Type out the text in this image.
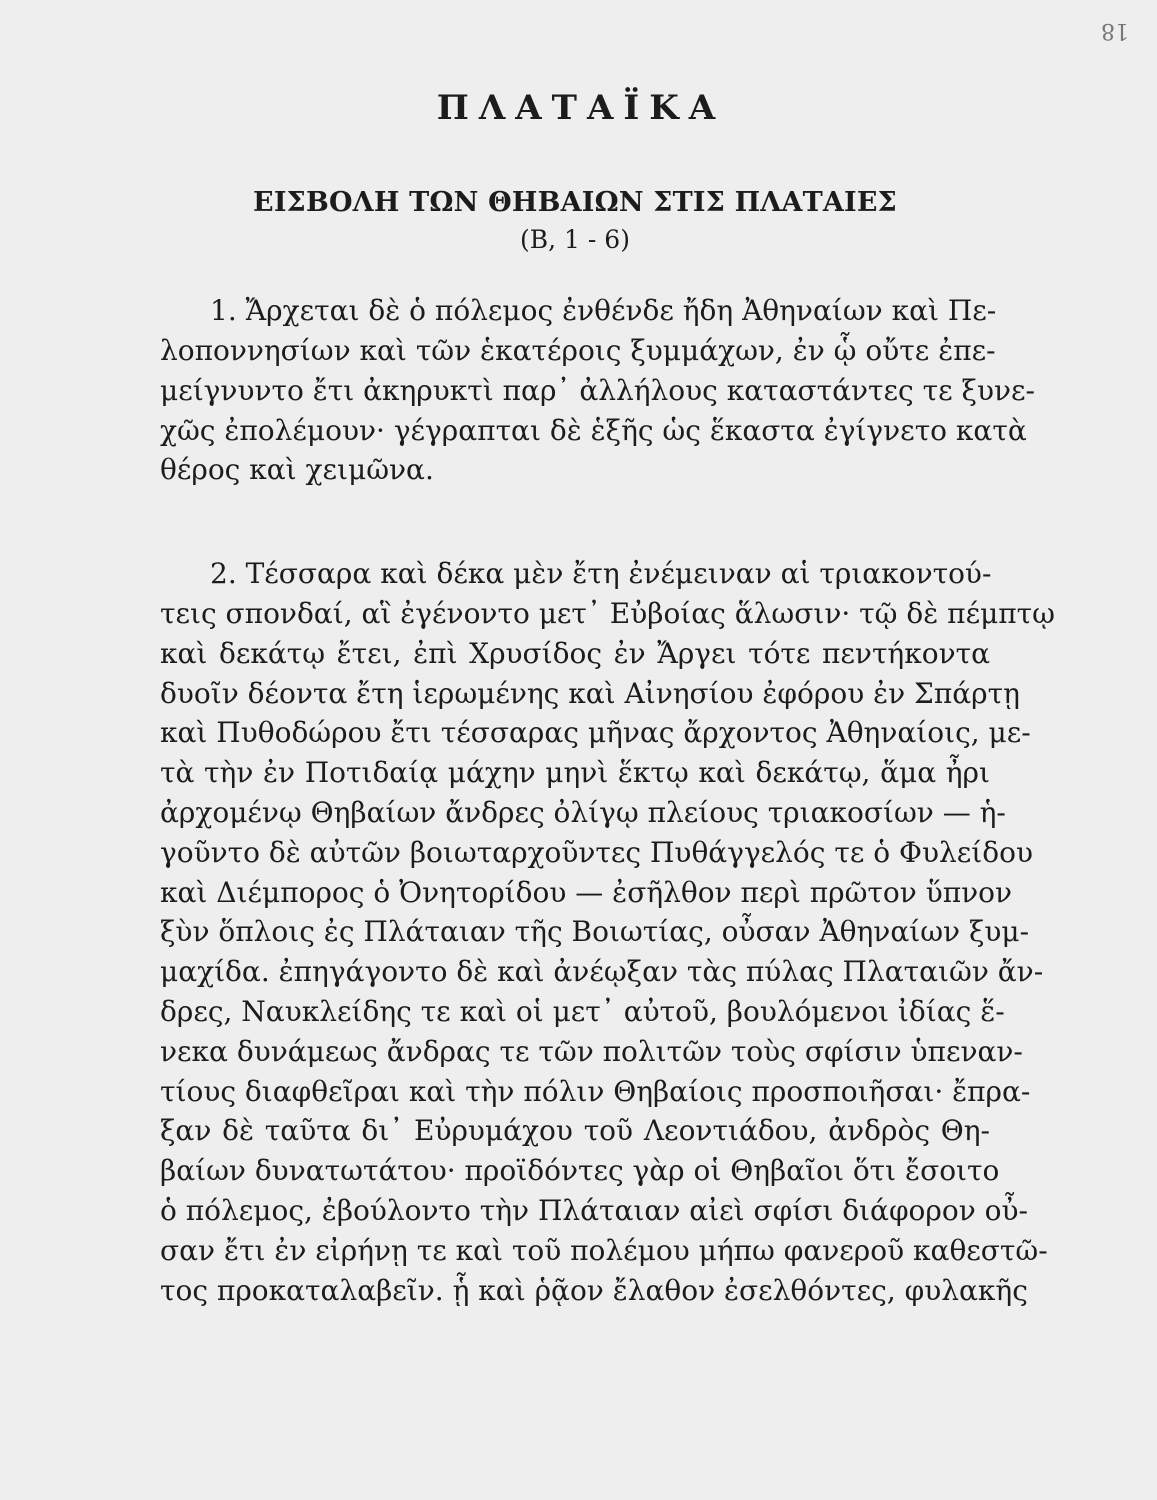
18
ΠΛΑΤΑΪΚΑ
ΕΙΣΒΟΛΗ ΤΩΝ ΘΗΒΑΙΩΝ ΣΤΙΣ ΠΛΑΤΑΙΕΣ
(Β, 1 - 6)
1. Ἄρχεται δὲ ὁ πόλεμος ἐνθένδε ἤδη Ἀθηναίων καὶ Πε-
λοποννησίων καὶ τῶν ἑκατέροις ξυμμάχων, ἐν ᾧ οὔτε ἐπε-
μείγνυντο ἔτι ἀκηρυκτὶ παρ᾽ ἀλλήλους καταστάντες τε ξυνε-
χῶς ἐπολέμουν· γέγραπται δὲ ἑξῆς ὡς ἕκαστα ἐγίγνετο κατὰ
θέρος καὶ χειμῶνα.
2. Τέσσαρα καὶ δέκα μὲν ἔτη ἐνέμειναν αἱ τριακοντού-
τεις σπονδαί, αἳ ἐγένοντο μετ᾽ Εὐβοίας ἅλωσιν· τῷ δὲ πέμπτῳ
καὶ δεκάτῳ ἔτει, ἐπὶ Χρυσίδος ἐν Ἄργει τότε πεντήκοντα
δυοῖν δέοντα ἔτη ἱερωμένης καὶ Αἰνησίου ἐφόρου ἐν Σπάρτῃ
καὶ Πυθοδώρου ἔτι τέσσαρας μῆνας ἄρχοντος Ἀθηναίοις, με-
τὰ τὴν ἐν Ποτιδαίᾳ μάχην μηνὶ ἕκτῳ καὶ δεκάτῳ, ἅμα ἦρι
ἀρχομένῳ Θηβαίων ἄνδρες ὀλίγῳ πλείους τριακοσίων — ἡ-
γοῦντο δὲ αὐτῶν βοιωταρχοῦντες Πυθάγγελός τε ὁ Φυλείδου
καὶ Διέμπορος ὁ Ὀνητορίδου — ἐσῆλθον περὶ πρῶτον ὕπνον
ξὺν ὅπλοις ἐς Πλάταιαν τῆς Βοιωτίας, οὖσαν Ἀθηναίων ξυμ-
μαχίδα. ἐπηγάγοντο δὲ καὶ ἀνέῳξαν τὰς πύλας Πλαταιῶν ἄν-
δρες, Ναυκλείδης τε καὶ οἱ μετ᾽ αὐτοῦ, βουλόμενοι ἰδίας ἕ-
νεκα δυνάμεως ἄνδρας τε τῶν πολιτῶν τοὺς σφίσιν ὑπεναν-
τίους διαφθεῖραι καὶ τὴν πόλιν Θηβαίοις προσποιῆσαι· ἔπρα-
ξαν δὲ ταῦτα δι᾽ Εὐρυμάχου τοῦ Λεοντιάδου, ἀνδρὸς Θη-
βαίων δυνατωτάτου· προϊδόντες γὰρ οἱ Θηβαῖοι ὅτι ἔσοιτο
ὁ πόλεμος, ἐβούλοντο τὴν Πλάταιαν αἰεὶ σφίσι διάφορον οὖ-
σαν ἔτι ἐν εἰρήνῃ τε καὶ τοῦ πολέμου μήπω φανεροῦ καθεστῶ-
τος προκαταλαβεῖν. ᾗ καὶ ῥᾷον ἔλαθον ἐσελθόντες, φυλακῆς
